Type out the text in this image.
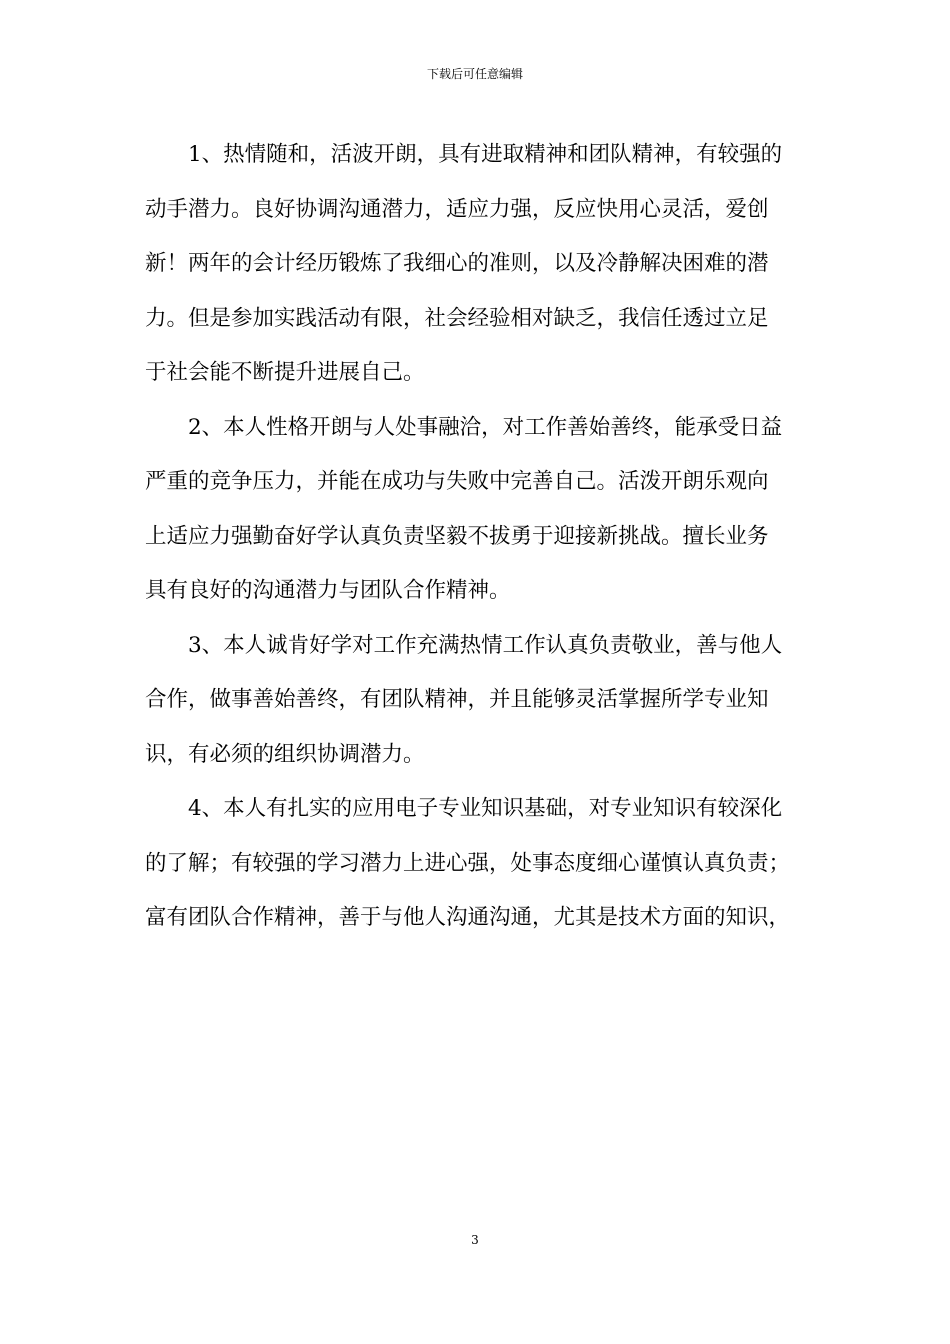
下载后可任意编辑
1、热情随和，活波开朗，具有进取精神和团队精神，有较强的
动手潜力。良好协调沟通潜力，适应力强，反应快用心灵活，爱创
新！两年的会计经历锻炼了我细心的准则，以及冷静解决困难的潜
力。但是参加实践活动有限，社会经验相对缺乏，我信任透过立足
于社会能不断提升进展自己。
2、本人性格开朗与人处事融洽，对工作善始善终，能承受日益
严重的竞争压力，并能在成功与失败中完善自己。活泼开朗乐观向
上适应力强勤奋好学认真负责坚毅不拔勇于迎接新挑战。擅长业务
具有良好的沟通潜力与团队合作精神。
3、本人诚肯好学对工作充满热情工作认真负责敬业，善与他人
合作，做事善始善终，有团队精神，并且能够灵活掌握所学专业知
识，有必须的组织协调潜力。
4、本人有扎实的应用电子专业知识基础，对专业知识有较深化
的了解；有较强的学习潜力上进心强，处事态度细心谨慎认真负责；
富有团队合作精神，善于与他人沟通沟通，尤其是技术方面的知识，
3
